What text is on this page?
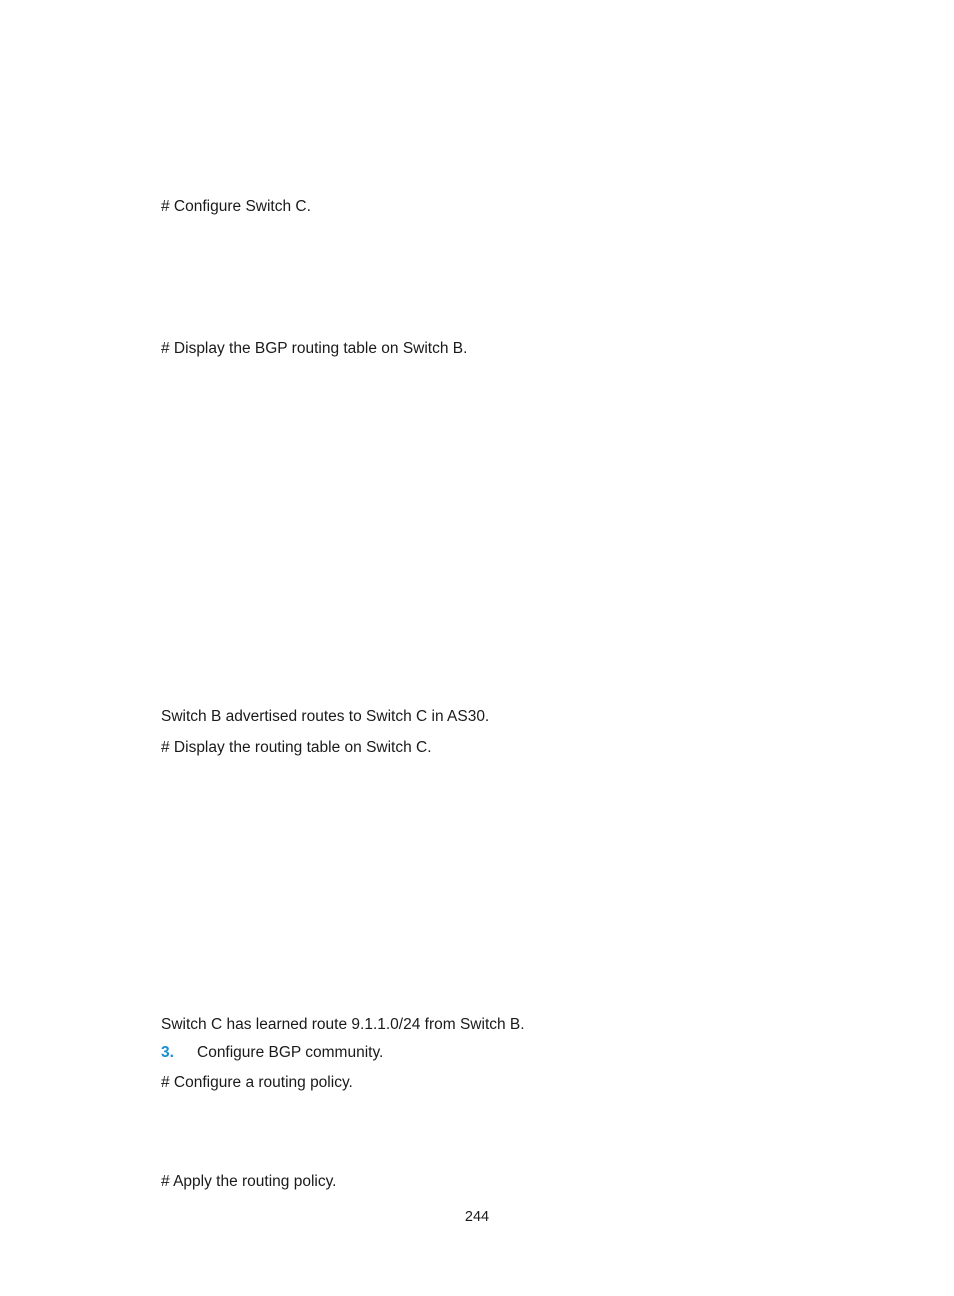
# Configure Switch C.
# Display the BGP routing table on Switch B.
Switch B advertised routes to Switch C in AS30.
# Display the routing table on Switch C.
Switch C has learned route 9.1.1.0/24 from Switch B.
3. Configure BGP community.
# Configure a routing policy.
# Apply the routing policy.
244
